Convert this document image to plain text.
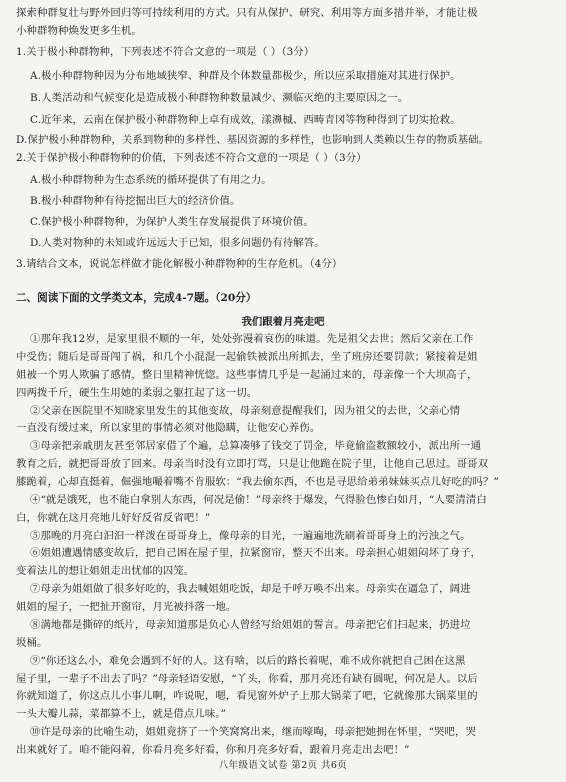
探索种群复壮与野外回归等可持续利用的方式。只有从保护、研究、利用等方面多措并举，才能让极
小种群物种焕发更多生机。
1.关于极小种群物种，下列表述不符合文意的一项是（ ）（3分）
A.极小种群物种因为分布地域狭窄、种群及个体数量都极少，所以应采取措施对其进行保护。
B.人类活动和气候变化是造成极小种群物种数量减少、濒临灭绝的主要原因之一。
C.近年来，云南在保护极小种群物种上卓有成效，漾濞槭、西畴青冈等物种得到了切实抢救。
D.保护极小种群物种，关系到物种的多样性、基因资源的多样性，也影响到人类赖以生存的物质基础。
2.关于保护极小种群物种的价值，下列表述不符合文意的一项是（ ）（3分）
A.极小种群物种为生态系统的循环提供了有用之力。
B.极小种群物种有待挖掘出巨大的经济价值。
C.保护极小种群物种，为保护人类生存发展提供了环境价值。
D.人类对物种的未知或许远远大于已知，很多问题仍有待解答。
3.请结合文本，说说怎样做才能化解极小种群物种的生存危机。（4分）
二、阅读下面的文学类文本，完成4-7题。（20分）
我们跟着月亮走吧
①那年我12岁，是家里很不顺的一年，处处弥漫着哀伤的味道。先是祖父去世；然后父亲在工作
中受伤；随后是哥哥闯了祸，和几个小混混一起偷铁被派出所抓去，坐了班房还要罚款；紧接着是姐
姐被一个男人欺骗了感情，整日里精神恍惚。这些事情几乎是一起涌过来的，母亲像一个大坝高子，
四两拨千斤，硬生生用她的柔弱之躯扛起了这一切。
②父亲在医院里不知晓家里发生的其他变故，母亲刻意提醒我们，因为祖父的去世，父亲心情
一直没有缓过来，所以家里的事情必须对他隐瞒，让他安心养伤。
③母亲把亲戚朋友甚至邻居家借了个遍，总算凑够了钱交了罚金，毕竟偷盗数额较小，派出所一通
教育之后，就把哥哥放了回来。母亲当时没有立即打骂，只是让他跪在院子里，让他自己思过。哥哥双
膝跪着，心却直挺着，倔强地嘬着嘴不肯服软：“我去偷东西，不也是寻思给弟弟妹妹买点儿好吃的吗？”
④“就是饿死，也不能白拿别人东西，何况是偷！”母亲终于爆发，气得脸色惨白如月，“人要清清白
白，你就在这月亮地儿好好反省反省吧！”
⑤那晚的月亮白汩汩一样泼在哥哥身上，像母亲的目光，一遍遍地洗刷着哥哥身上的污浊之气。
⑥姐姐遭遇情感变故后，把自己困在屋子里，拉紧窗帘，整天不出来。母亲担心姐姐闷坏了身子，
变着法儿的想让姐姐走出忧郁的囚笼。
⑦母亲为姐姐做了很多好吃的，我去喊姐姐吃饭，却是千呼万唤不出来。母亲实在逼急了，阔进
姐姐的屋子，一把扯开窗帘，月光被抖落一地。
⑧满地都是撕碎的纸片，母亲知道那是负心人曾经写给姐姐的誓言。母亲把它们扫起来，扔进垃
圾桶。
⑨“你还这么小，难免会遇到不好的人。这有啥，以后的路长着呢，难不成你就把自己困在这黑
屋子里，一辈子不出去了吗？”母亲轻语安慰，“丫头，你看，那月亮还有缺有圆呢，何况是人。以后
你就知道了，你这点儿小事儿啊，咋说呢，嗯，看见窗外炉子上那大锅菜了吧，它就像那大锅菜里的
一头大瓣儿蒜，菜都算不上，就是借点儿味。”
⑩许是母亲的比喻生动，姐姐竟挤了一个笑窝窝出来，继而嚎啕，母亲把她拥在怀里，“哭吧，哭
出来就好了。咱不能闷着，你看月亮多好看，你和月亮多好看，跟着月亮走出去吧！”
八年级语文试卷 第2页 共6页
